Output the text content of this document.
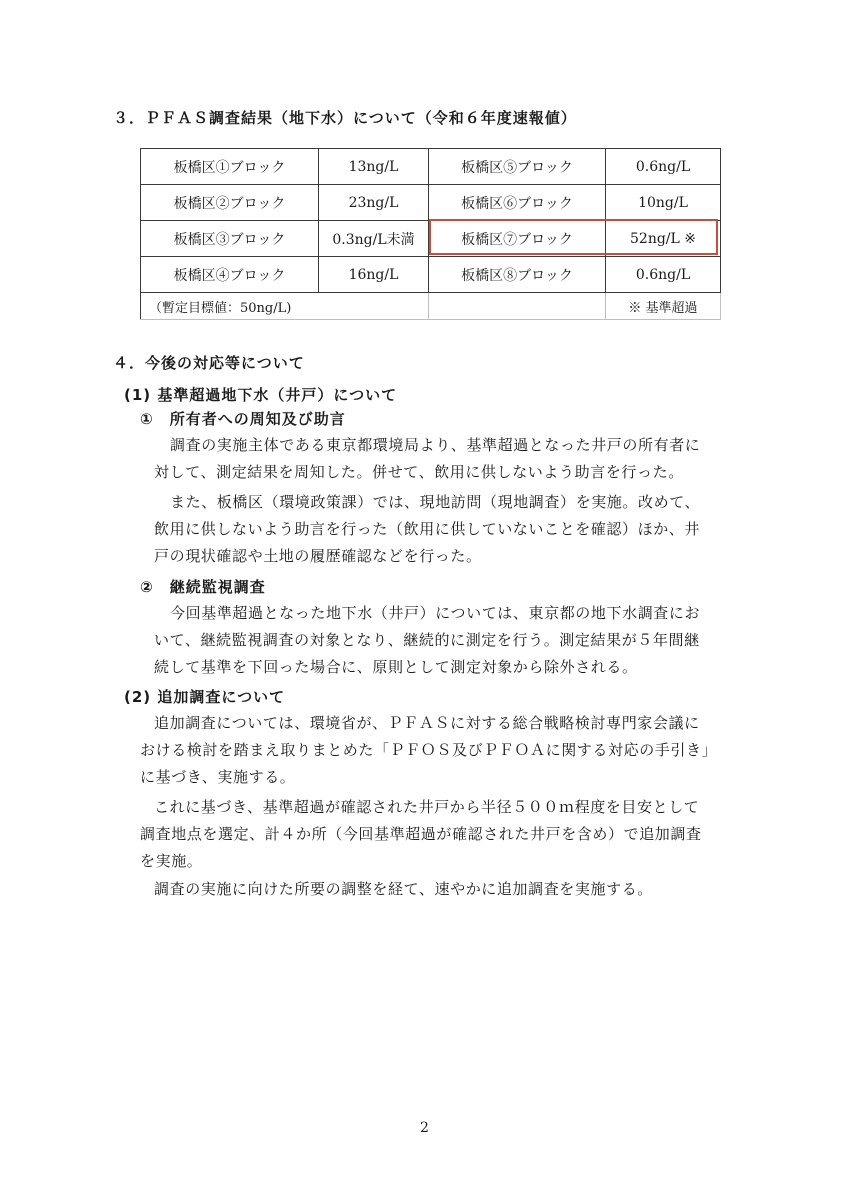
３．ＰＦＡＳ調査結果（地下水）について（令和６年度速報値）
板橋区①ブロック	13ng/L	板橋区⑤ブロック	0.6ng/L
板橋区②ブロック	23ng/L	板橋区⑥ブロック	10ng/L
板橋区③ブロック	0.3ng/L未満	板橋区⑦ブロック	52ng/L ※
板橋区④ブロック	16ng/L	板橋区⑧ブロック	0.6ng/L
（暫定目標値：50ng/L)			※ 基準超過
４．今後の対応等について
(1) 基準超過地下水（井戸）について
①　所有者への周知及び助言
調査の実施主体である東京都環境局より、基準超過となった井戸の所有者に
対して、測定結果を周知した。併せて、飲用に供しないよう助言を行った。
また、板橋区（環境政策課）では、現地訪問（現地調査）を実施。改めて、
飲用に供しないよう助言を行った（飲用に供していないことを確認）ほか、井
戸の現状確認や土地の履歴確認などを行った。
②　継続監視調査
今回基準超過となった地下水（井戸）については、東京都の地下水調査にお
いて、継続監視調査の対象となり、継続的に測定を行う。測定結果が５年間継
続して基準を下回った場合に、原則として測定対象から除外される。
(2) 追加調査について
追加調査については、環境省が、ＰＦＡＳに対する総合戦略検討専門家会議に
おける検討を踏まえ取りまとめた「ＰＦＯＳ及びＰＦＯＡに関する対応の手引き」
に基づき、実施する。
これに基づき、基準超過が確認された井戸から半径５００ｍ程度を目安として
調査地点を選定、計４か所（今回基準超過が確認された井戸を含め）で追加調査
を実施。
調査の実施に向けた所要の調整を経て、速やかに追加調査を実施する。
2
